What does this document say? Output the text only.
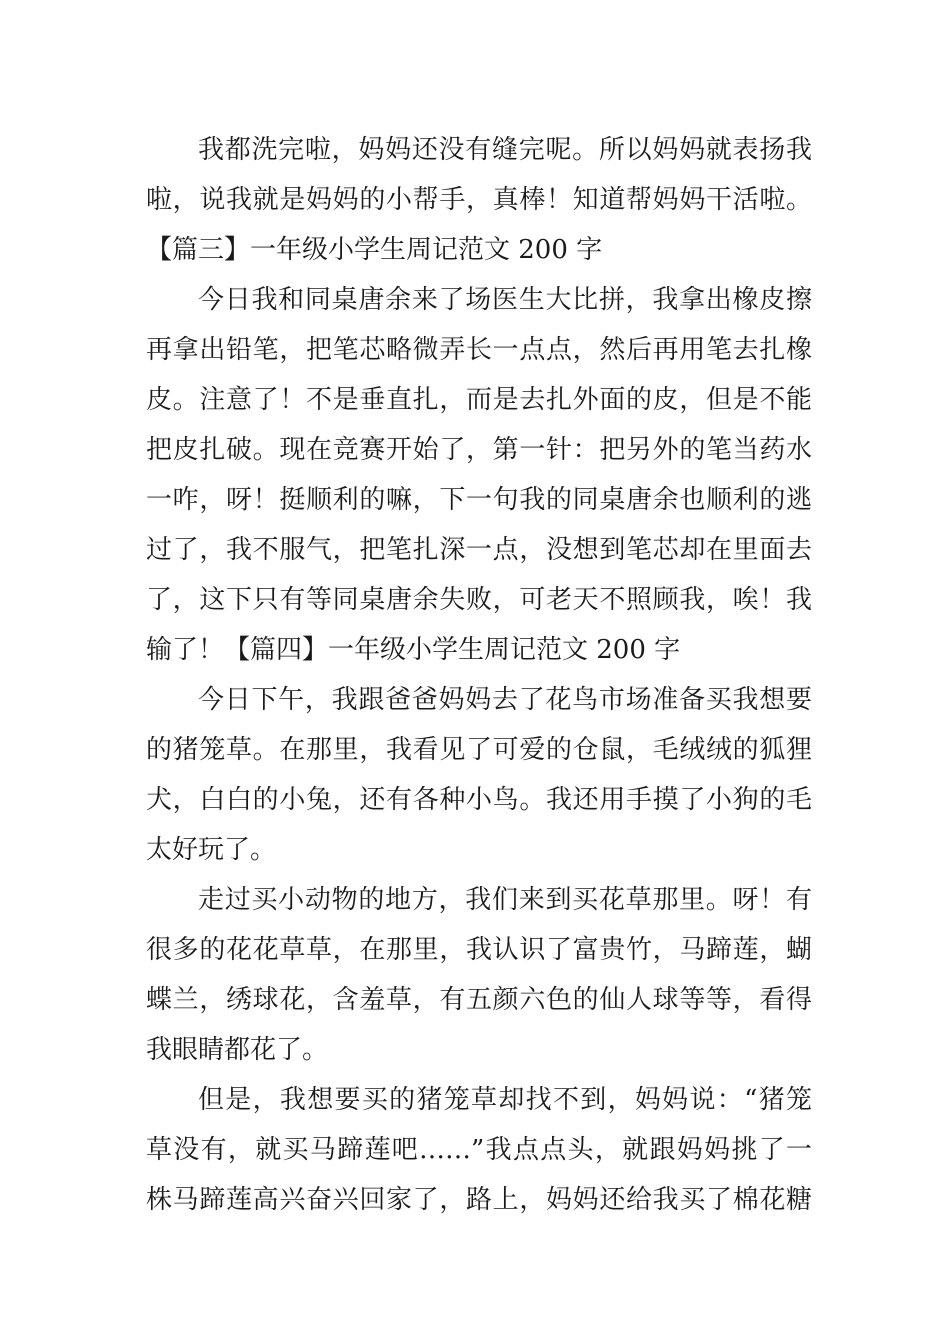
我都洗完啦，妈妈还没有缝完呢。所以妈妈就表扬我
啦，说我就是妈妈的小帮手，真棒！知道帮妈妈干活啦。
【篇三】一年级小学生周记范文 200 字
今日我和同桌唐余来了场医生大比拼，我拿出橡皮擦
再拿出铅笔，把笔芯略微弄长一点点，然后再用笔去扎橡
皮。注意了！不是垂直扎，而是去扎外面的皮，但是不能
把皮扎破。现在竞赛开始了，第一针：把另外的笔当药水
一咋，呀！挺顺利的嘛，下一句我的同桌唐余也顺利的逃
过了，我不服气，把笔扎深一点，没想到笔芯却在里面去
了，这下只有等同桌唐余失败，可老天不照顾我，唉！我
输了！【篇四】一年级小学生周记范文 200 字
今日下午，我跟爸爸妈妈去了花鸟市场准备买我想要
的猪笼草。在那里，我看见了可爱的仓鼠，毛绒绒的狐狸
犬，白白的小兔，还有各种小鸟。我还用手摸了小狗的毛
太好玩了。
走过买小动物的地方，我们来到买花草那里。呀！有
很多的花花草草，在那里，我认识了富贵竹，马蹄莲，蝴
蝶兰，绣球花，含羞草，有五颜六色的仙人球等等，看得
我眼睛都花了。
但是，我想要买的猪笼草却找不到，妈妈说：“猪笼
草没有，就买马蹄莲吧……”我点点头，就跟妈妈挑了一
株马蹄莲高兴奋兴回家了，路上，妈妈还给我买了棉花糖
